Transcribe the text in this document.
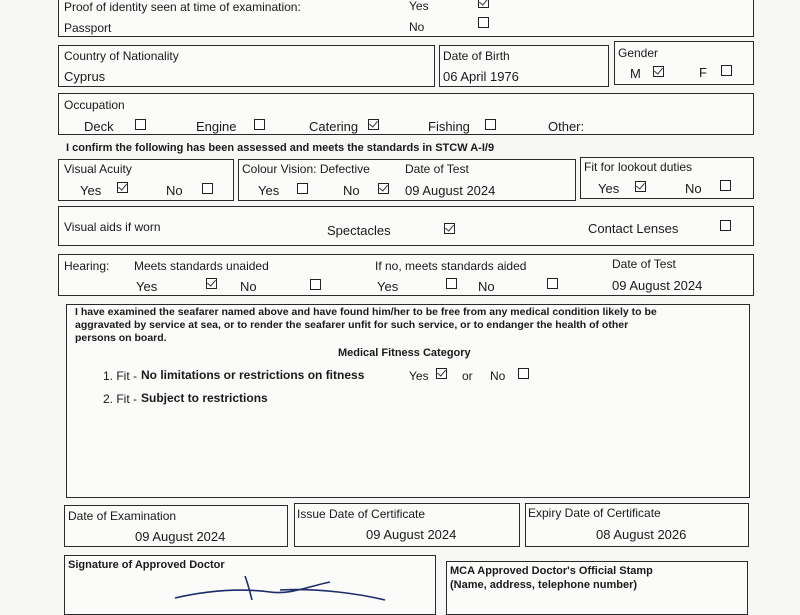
Proof of identity seen at time of examination:
Passport
Yes
No
Country of Nationality
Cyprus
Date of Birth
06 April 1976
Gender
M	F
Occupation
Deck	Engine	Catering	Fishing	Other:
I confirm the following has been assessed and meets the standards in STCW A-I/9
Visual Acuity
Yes	No
Colour Vision: Defective
Yes	No
Date of Test
09 August 2024
Fit for lookout duties
Yes	No
Visual aids if worn	Spectacles	Contact Lenses
Hearing: Meets standards unaided
Yes	No
If no, meets standards aided
Yes	No
Date of Test
09 August 2024
I have examined the seafarer named above and have found him/her to be free from any medical condition likely to be
aggravated by service at sea, or to render the seafarer unfit for such service, or to endanger the health of other
persons on board.
Medical Fitness Category
1. Fit - No limitations or restrictions on fitness	Yes	or No
2. Fit - Subject to restrictions
Date of Examination
09 August 2024
Issue Date of Certificate
09 August 2024
Expiry Date of Certificate
08 August 2026
Signature of Approved Doctor	MCA Approved Doctor's Official Stamp
(Name, address, telephone number)
